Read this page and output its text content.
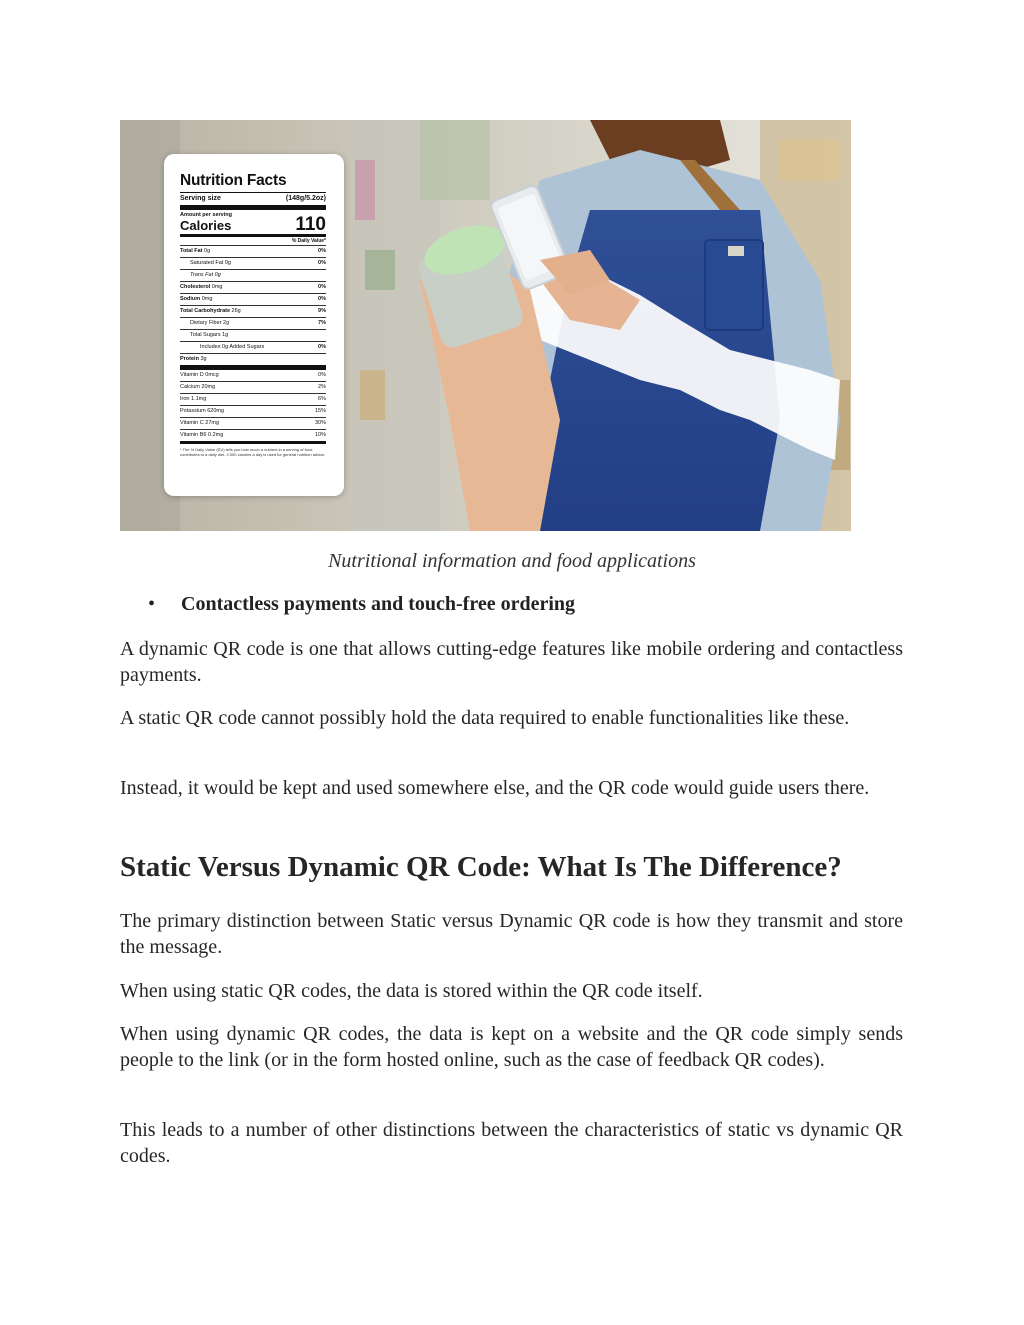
Nutrition Facts
Serving size	(148g/5.2oz)
Amount per serving
Calories	110
% Daily Value*
Total Fat 0g	0%
Saturated Fat 0g	0%
Trans Fat 0g
Cholesterol 0mg	0%
Sodium 0mg	0%
Total Carbohydrate 26g	9%
Dietary Fiber 2g	7%
Total Sugars 1g
Includes 0g Added Sugars	0%
Protein 3g
Vitamin D 0mcg	0%
Calcium 20mg	2%
Iron 1.1mg	6%
Potassium 620mg	15%
Vitamin C 27mg	30%
Vitamin B6 0.2mg	10%
* The % Daily Value (DV) tells you how much a nutrient in a serving of food contributes to a daily diet. 2,000 calories a day is used for general nutrition advice.
Nutritional information and food applications
• Contactless payments and touch-free ordering

A dynamic QR code is one that allows cutting-edge features like mobile ordering and contactless payments.

A static QR code cannot possibly hold the data required to enable functionalities like these.

Instead, it would be kept and used somewhere else, and the QR code would guide users there.

Static Versus Dynamic QR Code: What Is The Difference?

The primary distinction between Static versus Dynamic QR code is how they transmit and store the message.

When using static QR codes, the data is stored within the QR code itself.

When using dynamic QR codes, the data is kept on a website and the QR code simply sends people to the link (or in the form hosted online, such as the case of feedback QR codes).

This leads to a number of other distinctions between the characteristics of static vs dynamic QR codes.
